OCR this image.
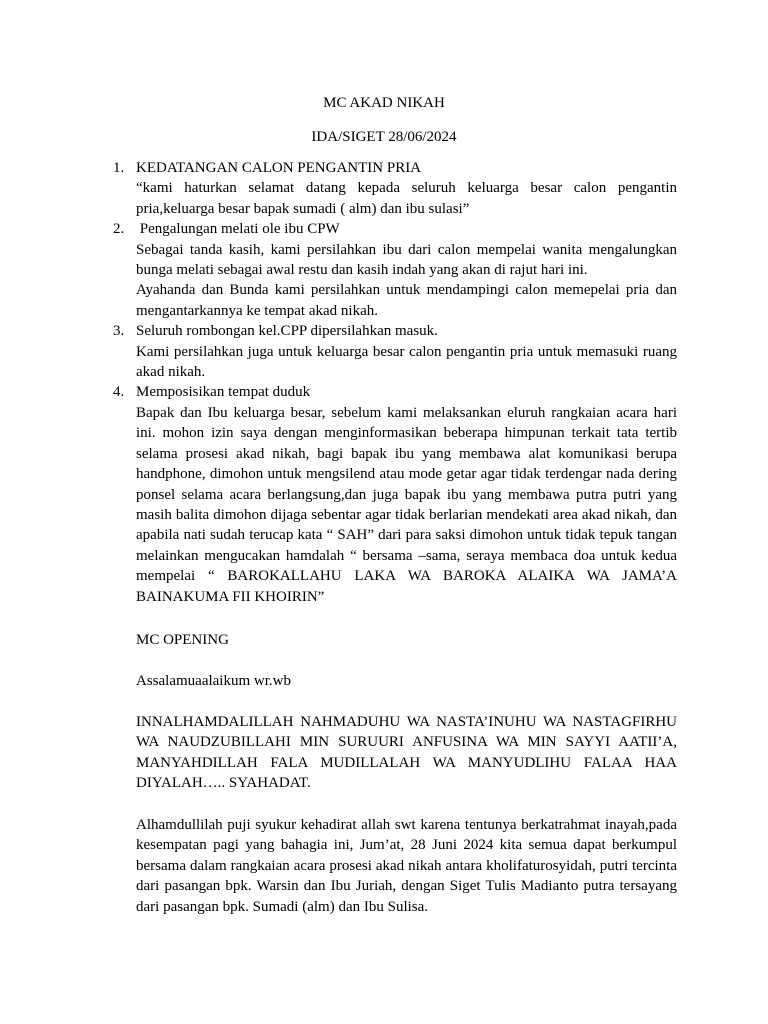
MC AKAD NIKAH
IDA/SIGET 28/06/2024
1. KEDATANGAN CALON PENGANTIN PRIA
“kami haturkan selamat datang kepada seluruh keluarga besar calon pengantin pria,keluarga besar bapak sumadi ( alm) dan ibu sulasi”
2. Pengalungan melati ole ibu CPW
Sebagai tanda kasih, kami persilahkan ibu dari calon mempelai wanita mengalungkan bunga melati sebagai awal restu dan kasih indah yang akan di rajut hari ini.
Ayahanda dan Bunda kami persilahkan untuk mendampingi calon memepelai pria dan mengantarkannya ke tempat akad nikah.
3. Seluruh rombongan kel.CPP dipersilahkan masuk.
Kami persilahkan juga untuk keluarga besar calon pengantin pria untuk memasuki ruang akad nikah.
4. Memposisikan tempat duduk
Bapak dan Ibu keluarga besar, sebelum kami melaksankan eluruh rangkaian acara hari ini. mohon izin saya dengan menginformasikan beberapa himpunan terkait tata tertib selama prosesi akad nikah, bagi bapak ibu yang membawa alat komunikasi berupa handphone, dimohon untuk mengsilend atau mode getar agar tidak terdengar nada dering ponsel selama acara berlangsung,dan juga bapak ibu yang membawa putra putri yang masih balita dimohon dijaga sebentar agar tidak berlarian mendekati area akad nikah, dan apabila nati sudah terucap kata “ SAH” dari para saksi dimohon untuk tidak tepuk tangan melainkan mengucakan hamdalah “ bersama –sama, seraya membaca doa untuk kedua mempelai “ BAROKALLAHU LAKA WA BAROKA ALAIKA WA JAMA’A BAINAKUMA FII KHOIRIN”

MC OPENING

Assalamuaalaikum wr.wb

INNALHAMDALILLAH NAHMADUHU WA NASTA’INUHU WA NASTAGFIRHU WA NAUDZUBILLAHI MIN SURUURI ANFUSINA WA MIN SAYYI AATII’A, MANYAHDILLAH FALA MUDILLALAH WA MANYUDLIHU FALAA HAA DIYALAH….. SYAHADAT.

Alhamdullilah puji syukur kehadirat allah swt karena tentunya berkatrahmat inayah,pada kesempatan pagi yang bahagia ini, Jum’at, 28 Juni 2024 kita semua dapat berkumpul bersama dalam rangkaian acara prosesi akad nikah antara kholifaturosyidah, putri tercinta dari pasangan bpk. Warsin dan Ibu Juriah, dengan Siget Tulis Madianto putra tersayang dari pasangan bpk. Sumadi (alm) dan Ibu Sulisa.
